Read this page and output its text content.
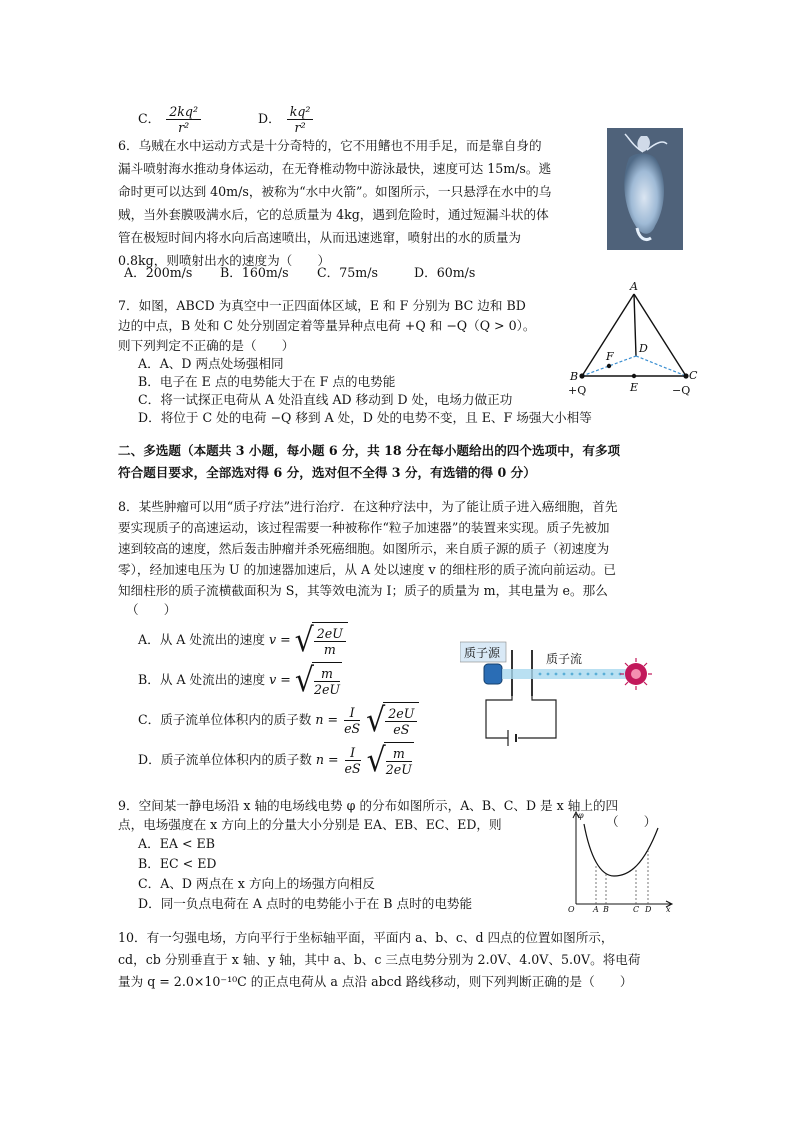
C． $\frac{\text{2kq²}}{\text{r²}}$	D． $\frac{\text{kq²}}{\text{r²}}$
6．乌贼在水中运动方式是十分奇特的，它不用鳍也不用手足，而是靠自身的
漏斗喷射海水推动身体运动，在无脊椎动物中游泳最快，速度可达 15m/s。逃
命时更可以达到 40m/s，被称为“水中火箭”。如图所示，一只悬浮在水中的乌
贼，当外套膜吸满水后，它的总质量为 4kg，遇到危险时，通过短漏斗状的体
管在极短时间内将水向后高速喷出，从而迅速逃窜，喷射出的水的质量为
0.8kg，则喷射出水的速度为（　　）
A．200m/s B．160m/s C．75m/s	D．60m/s
7．如图，ABCD 为真空中一正四面体区域，E 和 F 分别为 BC 边和 BD
边的中点，B 处和 C 处分别固定着等量异种点电荷 +Q 和 −Q（Q > 0）。
则下列判定不正确的是（　　）
A．A、D 两点处场强相同
B．电子在 E 点的电势能大于在 F 点的电势能
C．将一试探正电荷从 A 处沿直线 AD 移动到 D 处，电场力做正功
D．将位于 C 处的电荷 −Q 移到 A 处，D 处的电势不变，且 E、F 场强大小相等
A
B	C
D
E
F
+Q	−Q
二、多选题（本题共 3 小题，每小题 6 分，共 18 分在每小题给出的四个选项中，有多项
符合题目要求，全部选对得 6 分，选对但不全得 3 分，有选错的得 0 分）
8．某些肿瘤可以用“质子疗法”进行治疗．在这种疗法中，为了能让质子进入癌细胞，首先
要实现质子的高速运动，该过程需要一种被称作“粒子加速器”的装置来实现。质子先被加
速到较高的速度，然后轰击肿瘤并杀死癌细胞。如图所示，来自质子源的质子（初速度为
零），经加速电压为 U 的加速器加速后，从 A 处以速度 v 的细柱形的质子流向前运动。已
知细柱形的质子流横截面积为 S，其等效电流为 I；质子的质量为 m，其电量为 e。那么
（　　）
A．从 A 处流出的速度 v = √ $\frac{2eU}{m}$
B．从 A 处流出的速度 v = √ $\frac{m}{2eU}$
C．质子流单位体积内的质子数 $n = \frac{I}{eS}$ √ $\frac{2eU}{eS}$
D．质子流单位体积内的质子数 $n = \frac{I}{eS}$ √ $\frac{m}{2eU}$
质子源	质子流
9．空间某一静电场沿 x 轴的电场线电势 φ 的分布如图所示，A、B、C、D 是 x 轴上的四
点，电场强度在 x 方向上的分量大小分别是 EA、EB、EC、ED，则	（　　）
A．EA < EB
B．EC < ED
C．A、D 两点在 x 方向上的场强方向相反
D．同一负点电荷在 A 点时的电势能小于在 B 点时的电势能
φ
O A B	C D x
10．有一匀强电场，方向平行于坐标轴平面，平面内 a、b、c、d 四点的位置如图所示，
cd，cb 分别垂直于 x 轴、y 轴，其中 a、b、c 三点电势分别为 2.0V、4.0V、5.0V。将电荷
量为 q = 2.0×10⁻¹⁰C 的正点电荷从 a 点沿 abcd 路线移动，则下列判断正确的是（　　）
